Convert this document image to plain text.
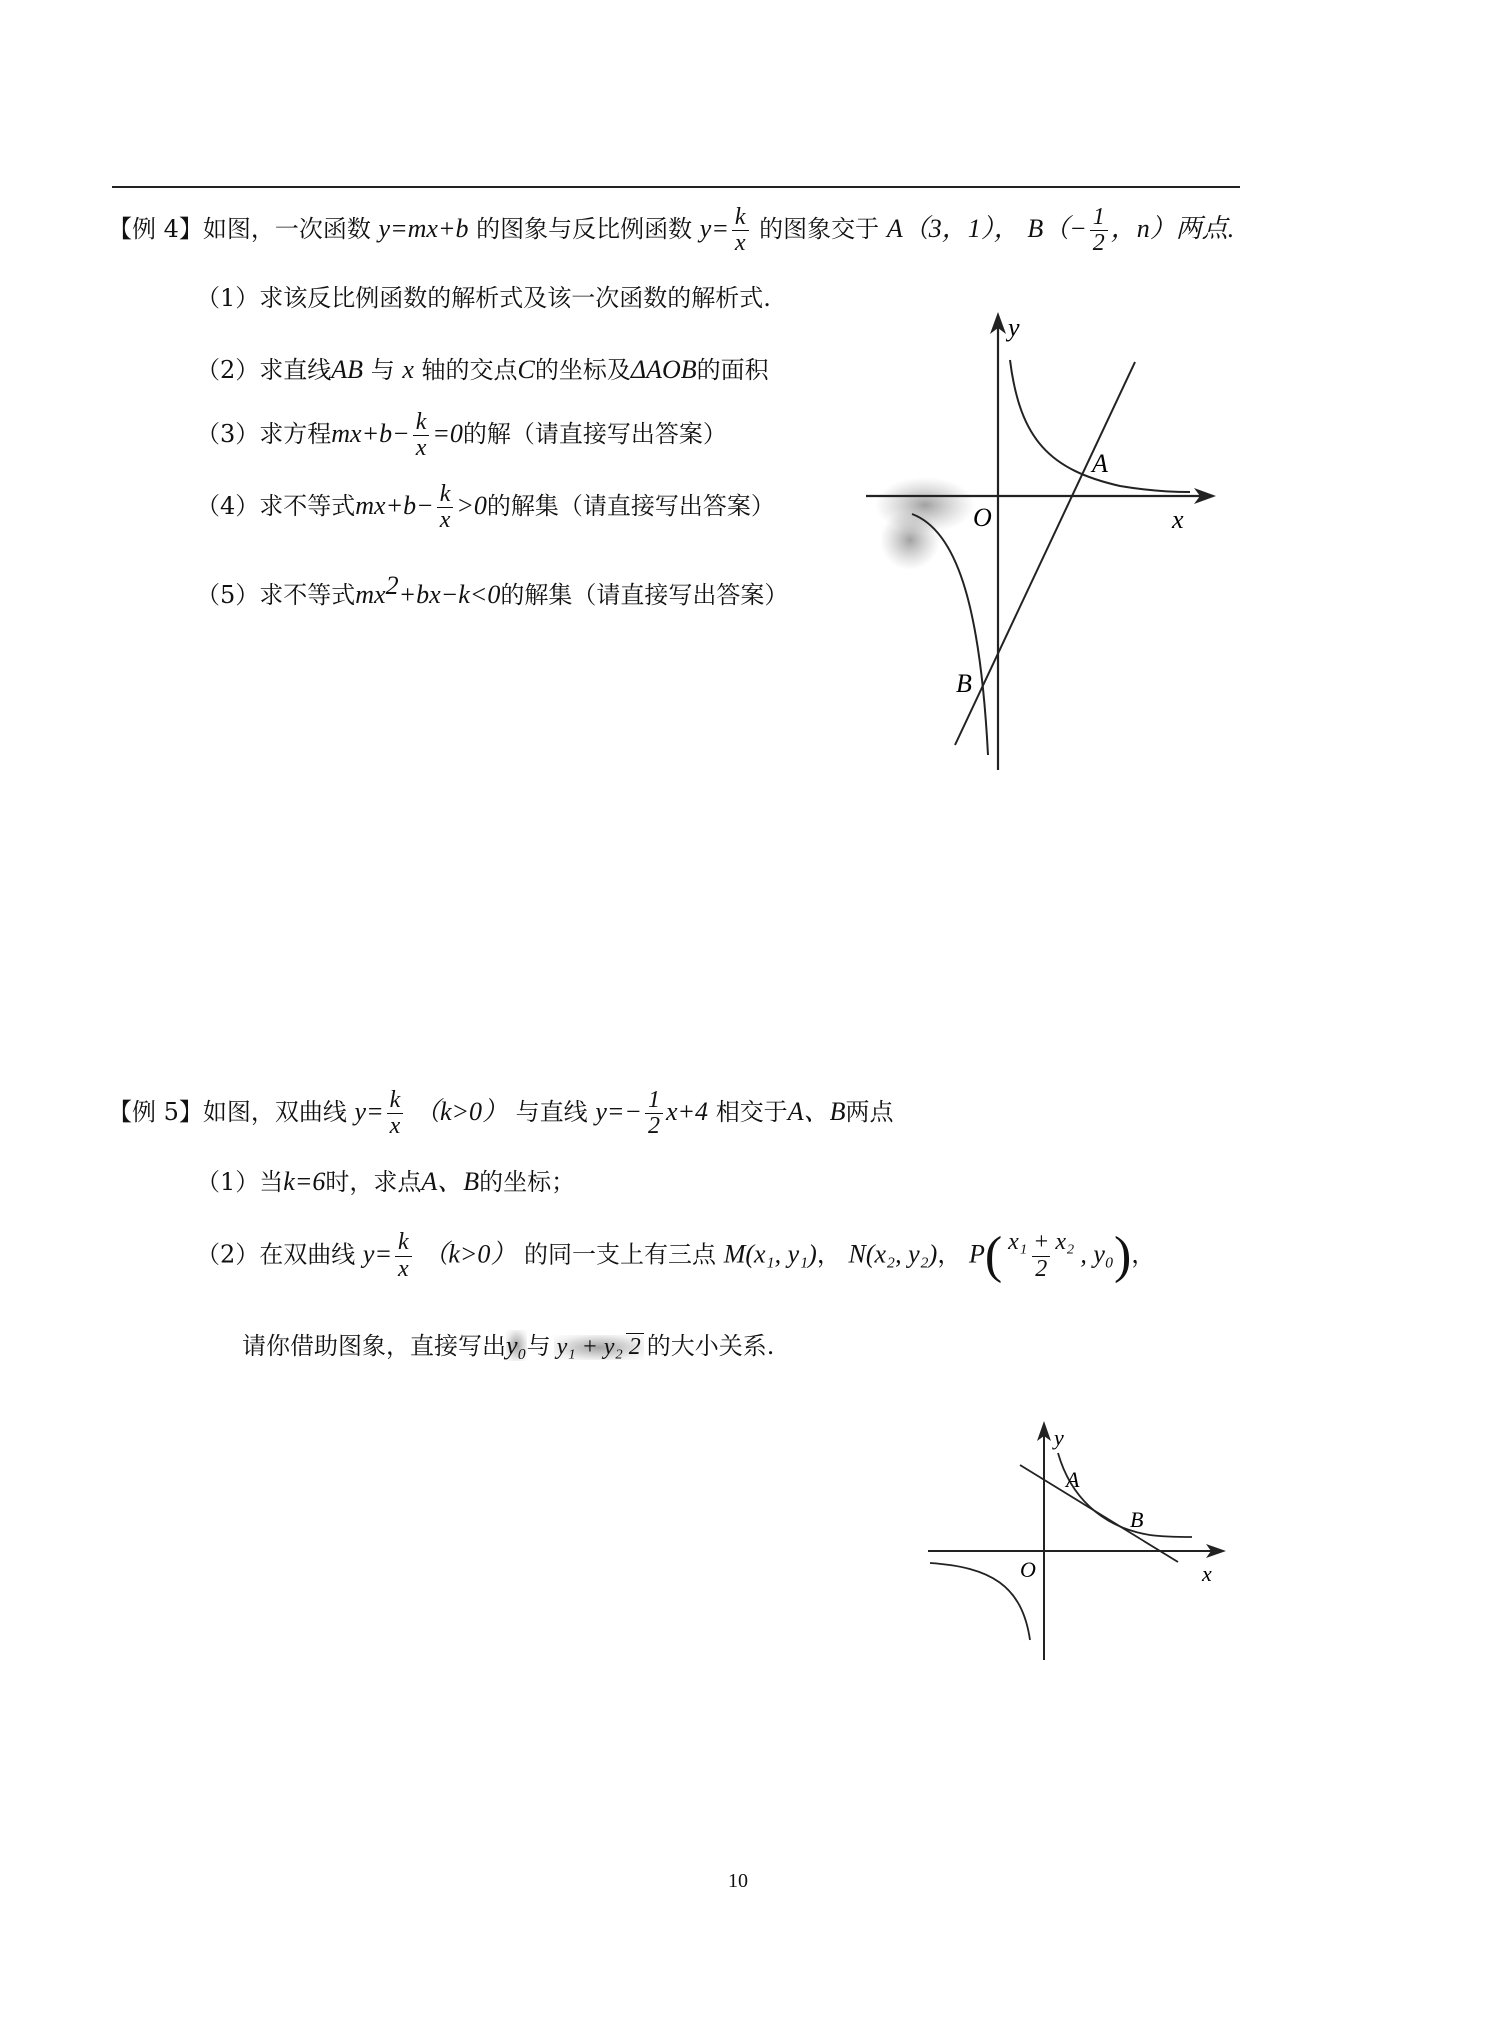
【例 4】如图，一次函数 y=mx+b 的图象与反比例函数 $y= \frac{k}{x}$ 的图象交于 A（3，1）， $B(- \frac{1}{2}$ ，n）两点.
（1）求该反比例函数的解析式及该一次函数的解析式.
（2）求直线AB 与 x 轴的交点C的坐标及ΔAOB的面积
（3）求方程$mx+b- \frac{k}{x} =0$的解（请直接写出答案）
（4）求不等式$mx+b- \frac{k}{x} >0$的解集（请直接写出答案）
（5）求不等式$mx^2+bx-k<0$的解集（请直接写出答案）
y
x
O
A
B
【例 5】如图，双曲线 $y= \frac{k}{x} (k>0)$ 与直线 $y=- \frac{1}{2} x+4$ 相交于A、B两点
（1）当k=6时，求点A、B的坐标；
（2）在双曲线 $y= \frac{k}{x} (k>0)$ 的同一支上有三点 M(x₁, y₁)， N(x₂, y₂)， $P( \frac{\text{x₁ + x₂}}{2}$ , y₀)，
请你借助图象，直接写出y₀与 y₁ + y₂ 2 的大小关系.
y
x
O
A
B
10
